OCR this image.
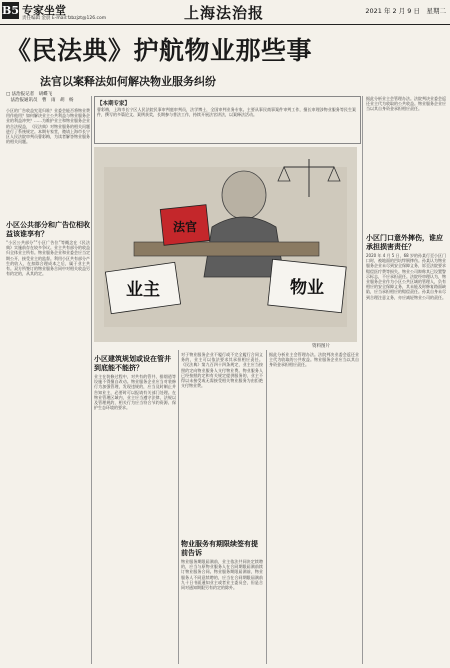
B5 专家坐堂
责任编辑 金晨 E-mail:fzbzjzt@126.com	上海法治报	2021 年 2 月 9 日　星期二
《民法典》护航物业那些事
法官以案释法如何解决物业服务纠纷
□ 法治报记者　胡蝶飞
　法治报通讯员　曹　雨　胡　杨
小区的广告收益究竟归谁？业委会能否将物业费用作他用？如何解决业主公共利益与物业服务企业的利益冲突？……为维护业主和物业服务企业的合法权益，《民法典》对物业服务的相关问题进行了系统规定。本期专家堂，邀请上海市长宁区人民法院审判员曹彩梅，为读者解答物业服务的相关问题。
小区公共部分和广告位相收益该谁享有？
“小区公共部分”“小区广告位”等概念在《民法典》实施前存在较多争议。业主共有部分的收益归全体业主所有。物业服务企业和业委会应当定期公开，接受业主的监督。利用小区共有部分产生的收入，在扣除合理成本之后，属于业主共有。双方所签订的物业服务合同中对相关收益另有约定的，从其约定。
【本期专家】
曹彩梅，上海市长宁区人民法院民事审判庭审判员，法学博士，全国审判业务专家。主要从事民商事案件审判工作，擅长审理涉物业服务等民生案件，撰写的多篇论文、案例获奖，长期参与普法工作，持续开展法官讲法，以案释法活动。
法官
业主	物业
资料图片
小区建筑规划或设在管井到底能不能挤？
业主在装修过程中，对共有的管井、排烟道等设施不得擅自改动。物业服务企业应当对装修行为加强管理，发现违规的，应当及时制止并告知业主，必要时可以报请有关部门处理。在物业管理区域内，业主应当遵守法律、法规以及管理规约，相关行为应当符合节约资源、保护生态环境的要求。
对于物业服务企业不履行或不完全履行合同义务的，业主可以依法要求其承担相应责任。《民法典》第九百四十四条规定，业主应当按照约定向物业服务人支付物业费。物业服务人已经按照约定和有关规定提供服务的，业主不得以未接受或无需接受相关物业服务为由拒绝支付物业费。
物业服务有期限续签有提前告诉
物业服务期限届满前，业主依法共同决定续聘的，应当与原物业服务人在合同期限届满前续订物业服务合同。物业服务期限届满前，物业服务人不同意续聘的，应当在合同期限届满前九十日书面通知业主或者业主委员会，但是合同对通知期限另有约定的除外。
据此分析业主会管理办法。法院判决业委会返还业主代为收取的公共收益。物业服务企业应当以其自身资金承担相应责任。
据此分析业主会管理办法。法院判决业委会返还业主代为收取的公共收益。物业服务企业应当以其自身资金承担相应责任。
小区门口意外摔伤，谁应承担损害责任？
2020 年 4 月 5 日，68 岁的孙某行至小区门口时，被地面的凹坑绊倒摔伤。孙某认为物业服务企业未尽到安全保障义务，诉至法院要求赔偿医疗费等损失。物业公司辩称其已设置警示标志，不应承担责任。法院经审理认为，物业服务企业作为小区公共区域的管理人，负有相应的安全保障义务，其未能及时修复路面缺陷，应当承担相应的赔偿责任。孙某自身未尽到合理注意义务，亦应减轻物业公司的责任。
